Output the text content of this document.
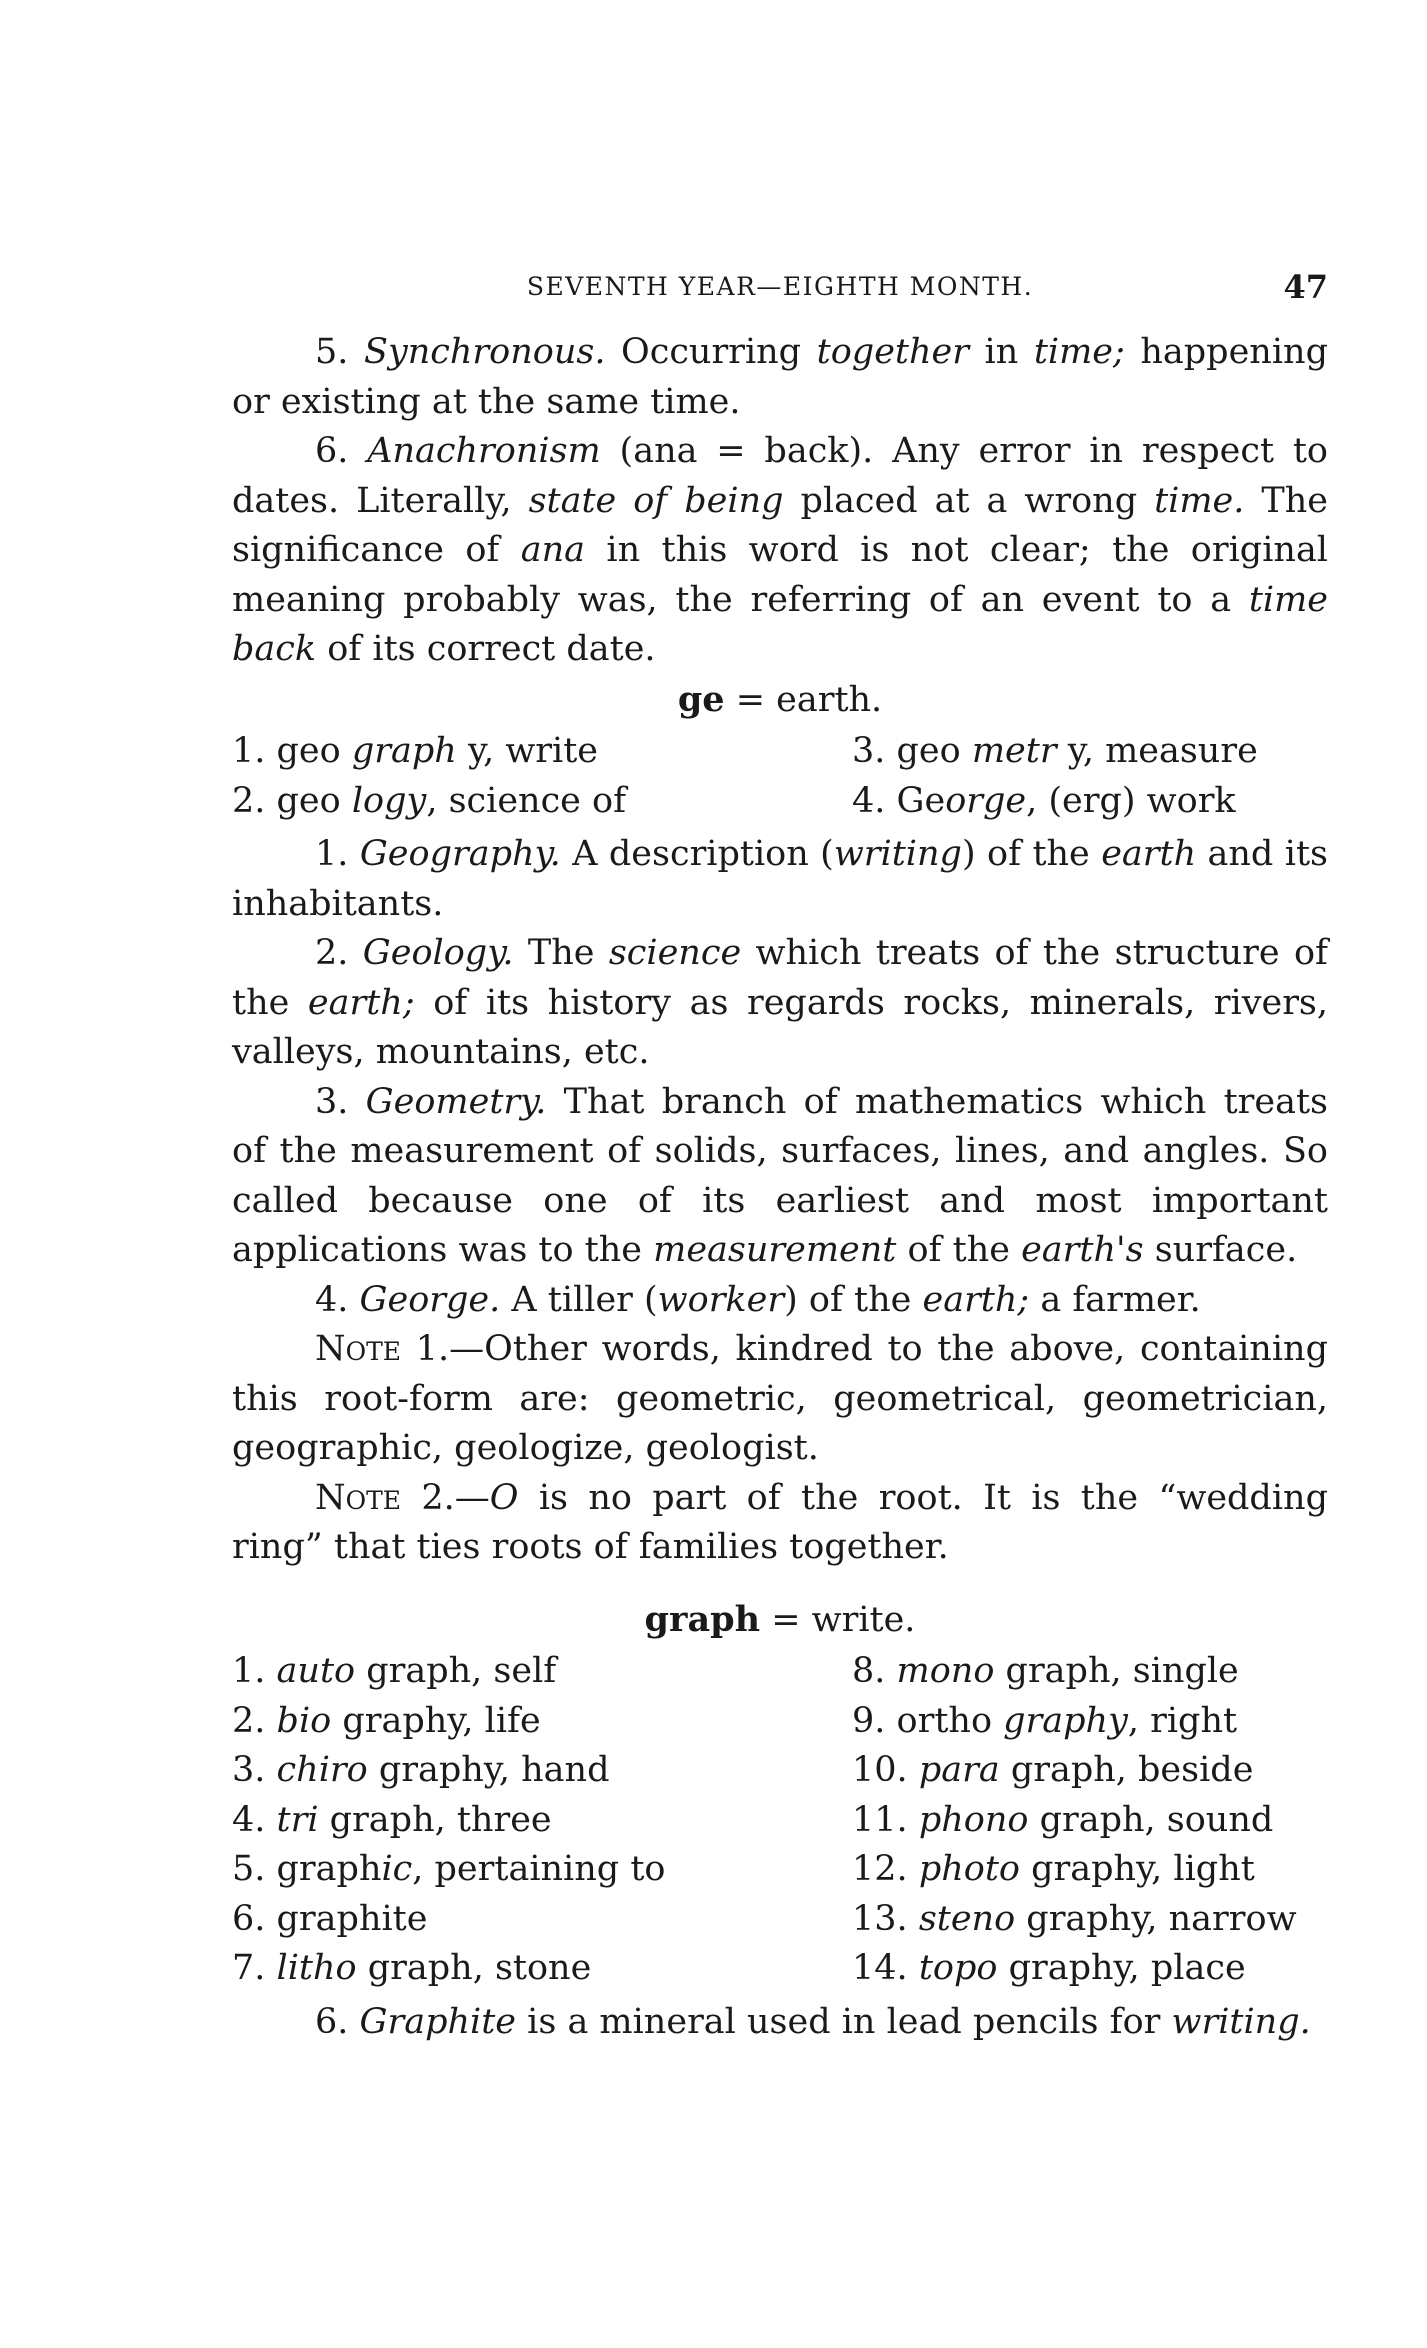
SEVENTH YEAR—EIGHTH MONTH.	47

5. Synchronous. Occurring together in time; happening or existing at the same time.

6. Anachronism (ana = back). Any error in respect to dates. Literally, state of being placed at a wrong time. The significance of ana in this word is not clear; the original meaning probably was, the referring of an event to a time back of its correct date.

ge = earth.
1. geo graph y, write	3. geo metr y, measure
2. geo logy, science of	4. George, (erg) work

1. Geography. A description (writing) of the earth and its inhabitants.

2. Geology. The science which treats of the structure of the earth; of its history as regards rocks, minerals, rivers, valleys, mountains, etc.

3. Geometry. That branch of mathematics which treats of the measurement of solids, surfaces, lines, and angles. So called because one of its earliest and most important applications was to the measurement of the earth's surface.

4. George. A tiller (worker) of the earth; a farmer.

Note 1.—Other words, kindred to the above, containing this root-form are: geometric, geometrical, geometrician, geographic, geologize, geologist.

Note 2.—O is no part of the root. It is the “wedding ring” that ties roots of families together.

graph = write.
1. auto graph, self	8. mono graph, single
2. bio graphy, life	9. ortho graphy, right
3. chiro graphy, hand	10. para graph, beside
4. tri graph, three	11. phono graph, sound
5. graphic, pertaining to	12. photo graphy, light
6. graphite	13. steno graphy, narrow
7. litho graph, stone	14. topo graphy, place

6. Graphite is a mineral used in lead pencils for writing.
